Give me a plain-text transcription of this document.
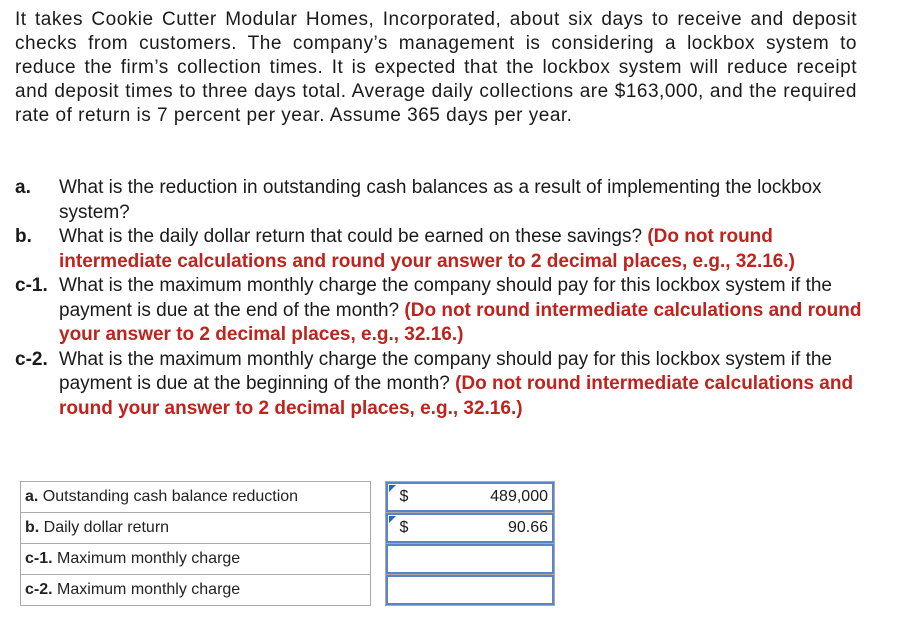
It takes Cookie Cutter Modular Homes, Incorporated, about six days to receive and deposit checks from customers. The company’s management is considering a lockbox system to reduce the firm’s collection times. It is expected that the lockbox system will reduce receipt and deposit times to three days total. Average daily collections are $163,000, and the required rate of return is 7 percent per year. Assume 365 days per year.
a.	What is the reduction in outstanding cash balances as a result of implementing the lockbox system?
b.	What is the daily dollar return that could be earned on these savings? (Do not round intermediate calculations and round your answer to 2 decimal places, e.g., 32.16.)
c-1. What is the maximum monthly charge the company should pay for this lockbox system if the payment is due at the end of the month? (Do not round intermediate calculations and round your answer to 2 decimal places, e.g., 32.16.)
c-2. What is the maximum monthly charge the company should pay for this lockbox system if the payment is due at the beginning of the month? (Do not round intermediate calculations and round your answer to 2 decimal places, e.g., 32.16.)
a. Outstanding cash balance reduction		$ 489,000

b. Daily dollar return		$ 90.66

c-1. Maximum monthly charge		

c-2. Maximum monthly charge		
